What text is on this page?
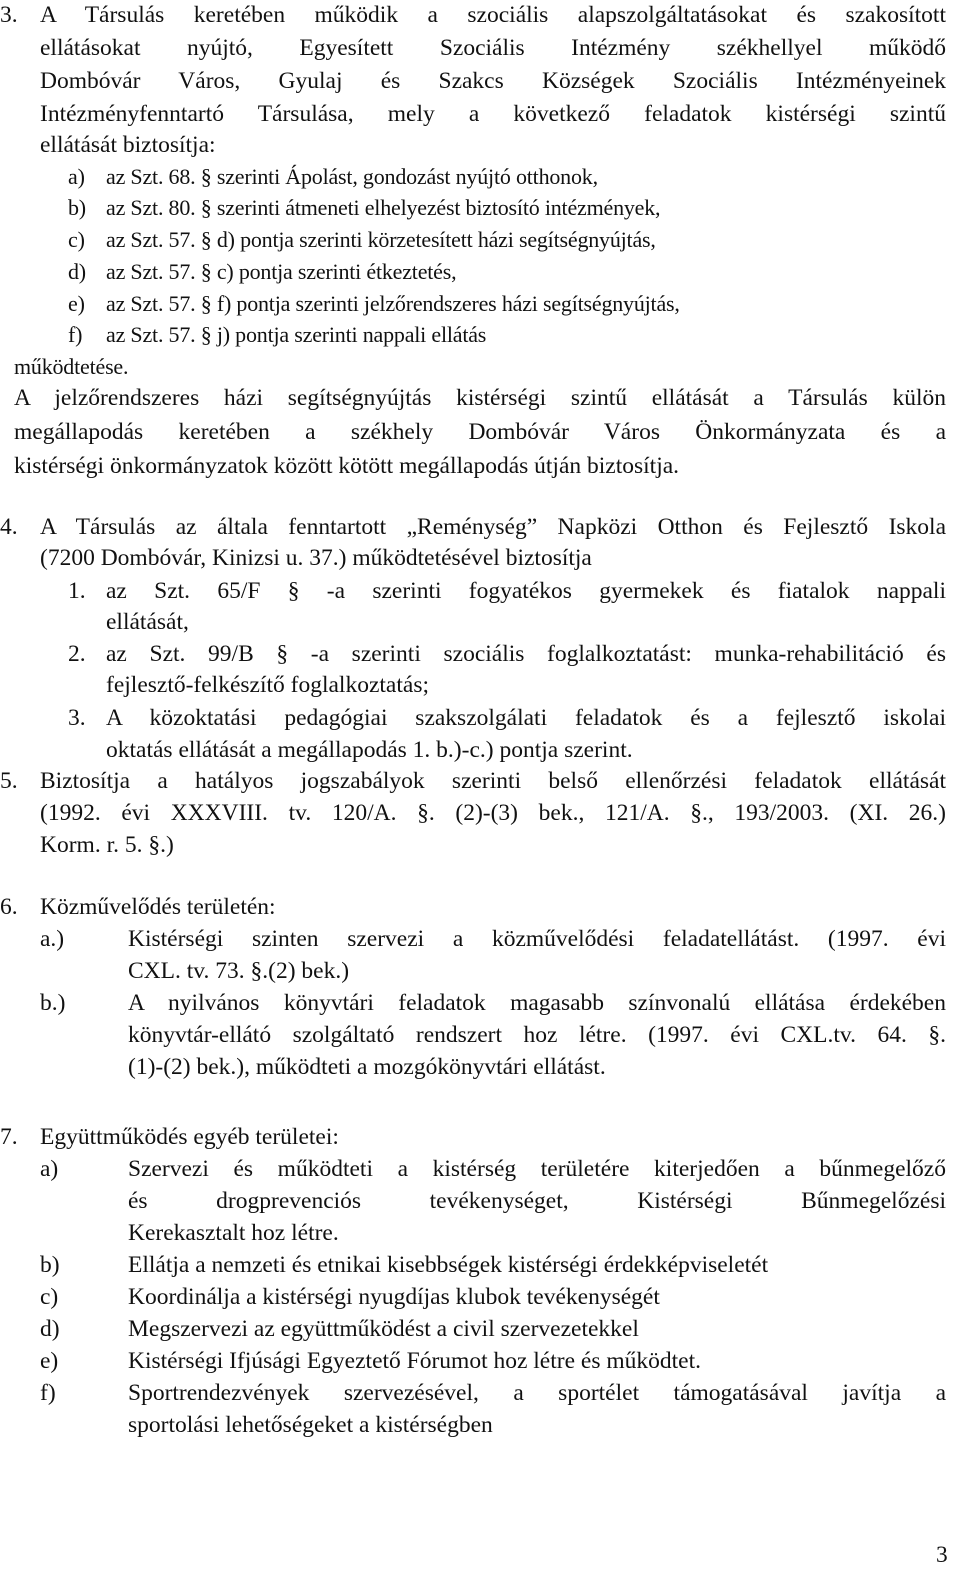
3. A Társulás keretében működik a szociális alapszolgáltatásokat és szakosított
ellátásokat nyújtó, Egyesített Szociális Intézmény székhellyel működő
Dombóvár Város, Gyulaj és Szakcs Községek Szociális Intézményeinek
Intézményfenntartó Társulása, mely a következő feladatok kistérségi szintű
ellátását biztosítja:
a) az Szt. 68. § szerinti Ápolást, gondozást nyújtó otthonok,
b) az Szt. 80. § szerinti átmeneti elhelyezést biztosító intézmények,
c) az Szt. 57. § d) pontja szerinti körzetesített házi segítségnyújtás,
d) az Szt. 57. § c) pontja szerinti étkeztetés,
e) az Szt. 57. § f) pontja szerinti jelzőrendszeres házi segítségnyújtás,
f) az Szt. 57. § j) pontja szerinti nappali ellátás
működtetése.
A jelzőrendszeres házi segítségnyújtás kistérségi szintű ellátását a Társulás külön
megállapodás keretében a székhely Dombóvár Város Önkormányzata és a
kistérségi önkormányzatok között kötött megállapodás útján biztosítja.
4. A Társulás az általa fenntartott „Reménység” Napközi Otthon és Fejlesztő Iskola
(7200 Dombóvár, Kinizsi u. 37.) működtetésével biztosítja
1. az Szt. 65/F § -a szerinti fogyatékos gyermekek és fiatalok nappali
ellátását,
2. az Szt. 99/B § -a szerinti szociális foglalkoztatást: munka-rehabilitáció és
fejlesztő-felkészítő foglalkoztatás;
3. A közoktatási pedagógiai szakszolgálati feladatok és a fejlesztő iskolai
oktatás ellátását a megállapodás 1. b.)-c.) pontja szerint.
5. Biztosítja a hatályos jogszabályok szerinti belső ellenőrzési feladatok ellátását
(1992. évi XXXVIII. tv. 120/A. §. (2)-(3) bek., 121/A. §., 193/2003. (XI. 26.)
Korm. r. 5. §.)
6. Közművelődés területén:
a.)	Kistérségi szinten szervezi a közművelődési feladatellátást. (1997. évi
CXL. tv. 73. §.(2) bek.)
b.)	A nyilvános könyvtári feladatok magasabb színvonalú ellátása érdekében
könyvtár-ellátó szolgáltató rendszert hoz létre. (1997. évi CXL.tv. 64. §.
(1)-(2) bek.), működteti a mozgókönyvtári ellátást.
7. Együttműködés egyéb területei:
a)	Szervezi és működteti a kistérség területére kiterjedően a bűnmegelőző
és drogprevenciós tevékenységet, Kistérségi Bűnmegelőzési
Kerekasztalt hoz létre.
b)	Ellátja a nemzeti és etnikai kisebbségek kistérségi érdekképviseletét
c)	Koordinálja a kistérségi nyugdíjas klubok tevékenységét
d)	Megszervezi az együttműködést a civil szervezetekkel
e)	Kistérségi Ifjúsági Egyeztető Fórumot hoz létre és működtet.
f)	Sportrendezvények szervezésével, a sportélet támogatásával javítja a
sportolási lehetőségeket a kistérségben
3
